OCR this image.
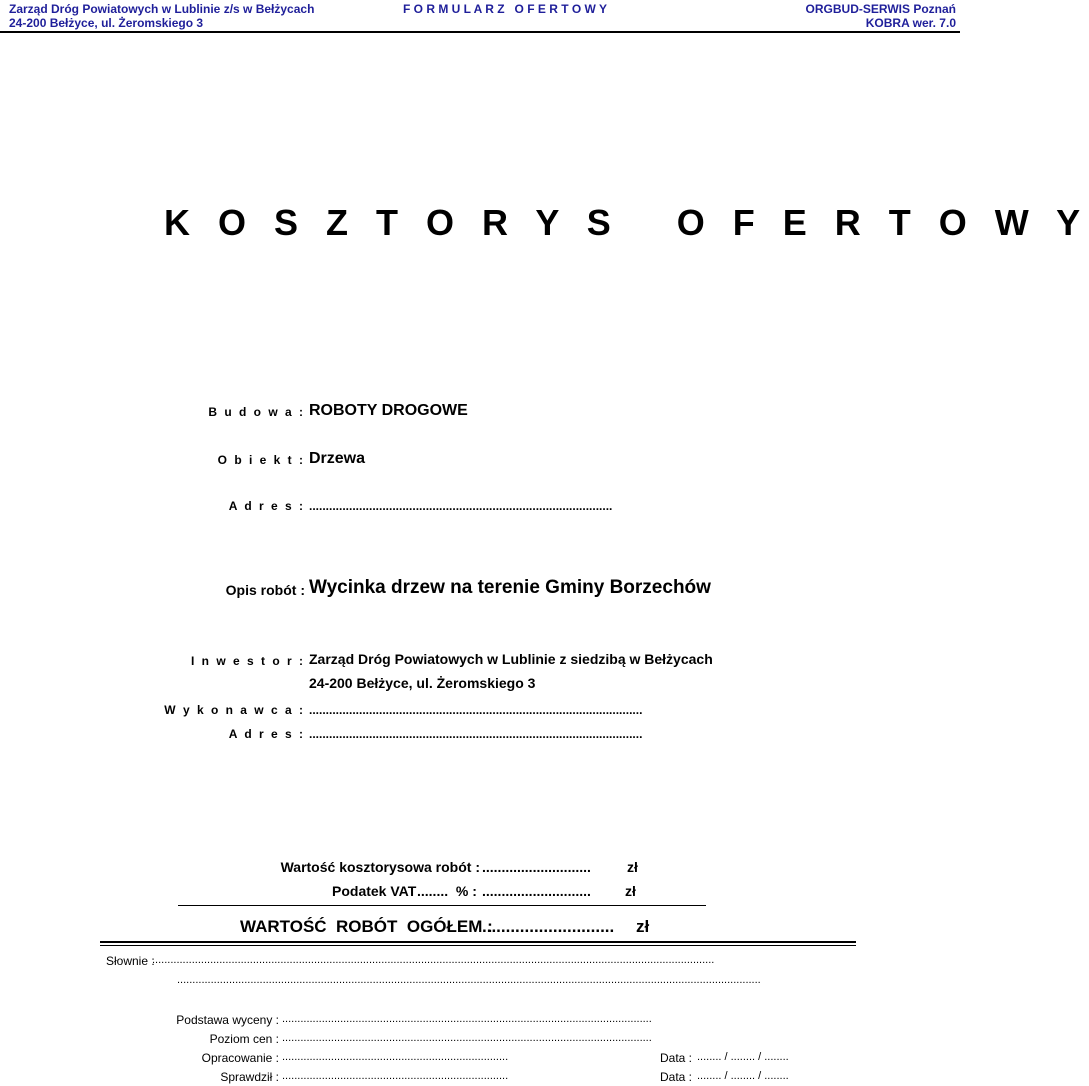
Zarząd Dróg Powiatowych w Lublinie z/s w Bełżycach
24-200 Bełżyce, ul. Żeromskiego 3
F O R M U L A R Z   O F E R T O W Y	ORGBUD-SERWIS Poznań
KOBRA wer. 7.0
K O S Z T O R Y S   O F E R T O W Y
B u d o w a : ROBOTY DROGOWE
O b i e k t : Drzewa
A d r e s : ...........................................................................................
Opis robót : Wycinka drzew na terenie Gminy Borzechów
I n w e s t o r : Zarząd Dróg Powiatowych w Lublinie z siedzibą w Bełżycach
24-200 Bełżyce, ul. Żeromskiego 3
W y k o n a w c a : ....................................................................................................
A d r e s : ....................................................................................................
Wartość kosztorysowa robót : ............................	zł
Podatek VAT ........  % : ............................ zł
WARTOŚĆ  ROBÓT  OGÓŁEM :
............................ zł
Słownie :
........................................................................................................................................................................................
...............................................................................................................................................................................................
Podstawa wyceny : .........................................................................................................................
Poziom cen : .........................................................................................................................
Opracowanie : ..........................................................................	Data : ........ / ........ / ........
Sprawdził : ..........................................................................	Data : ........ / ........ / ........
